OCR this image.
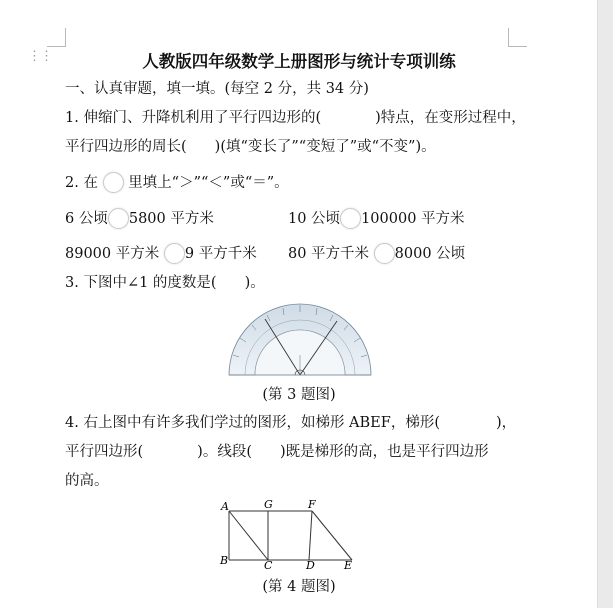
⋮⋮	人教版四年级数学上册图形与统计专项训练
一、认真审题，填一填。(每空 2 分，共 34 分)
1. 伸缩门、升降机利用了平行四边形的(	)特点，在变形过程中，
平行四边形的周长( )(填“变长了”“变短了”或“不变”)。
2. 在 里填上“＞”“＜”或“＝”。
6 公顷 5800 平方米	10 公顷 100000 平方米
89000 平方米 9 平方千米 80 平方千米 8000 公顷
3. 下图中∠1 的度数是( )。
(第 3 题图)
4. 右上图中有许多我们学过的图形，如梯形 ABEF，梯形(	)，
平行四边形(	)。线段( )既是梯形的高，也是平行四边形
的高。
A	G	F
B	C	D	E
(第 4 题图)
